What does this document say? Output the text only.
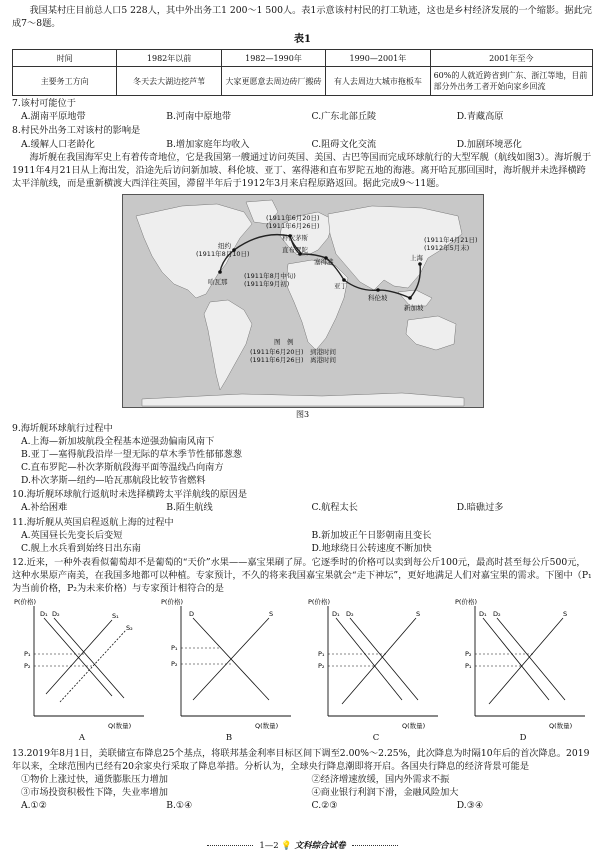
我国某村庄目前总人口5 228人，其中外出务工1 200～1 500人。表1示意该村村民的打工轨迹，这也是乡村经济发展的一个缩影。据此完成7～8题。

表1
时间	1982年以前	1982—1990年	1990—2001年	2001年至今
主要务工方向	冬天去大湖边挖芦苇	大家更愿意去周边砖厂搬砖	有人去周边大城市拖板车	60%的人就近跨省到广东、浙江等地，目前部分外出务工者开始向家乡回流

7.该村可能位于

A.湖南平原地带	B.河南中原地带	C.广东北部丘陵	D.青藏高原

8.村民外出务工对该村的影响是

A.缓解人口老龄化	B.增加家庭年均收入	C.阻碍文化交流	D.加剧环境恶化

海圻舰在我国海军史上有着传奇地位，它是我国第一艘通过访问英国、美国、古巴等国而完成环球航行的大型军舰（航线如图3）。海圻舰于1911年4月21日从上海出发，沿途先后访问新加坡、科伦坡、亚丁、塞得港和直布罗陀五地的海港。离开哈瓦那回国时，海圻舰并未选择横跨太平洋航线，而是重新横渡大西洋往英国，滞留半年后于1912年3月来启程原路返回。据此完成9～11题。

(1911年6月20日)
(1911年6月26日)
朴次茅斯
直布罗陀
塞得港
亚丁
科伦坡
新加坡
上海
(1911年4月21日)
(1912年5月末)
纽约
(1911年8月10日)
哈瓦那
(1911年8月中旬)
(1911年9月初)
图　例
(1911年6月20日)
(1911年6月26日)
到港时间
离港时间
图3

9.海圻舰环球航行过程中

A.上海—新加坡航段全程基本逆强劲偏南风南下

B.亚丁—塞得航段沿岸一望无际的草木季节性郁郁葱葱

C.直布罗陀—朴次茅斯航段海平面等温线凸向南方

D.朴次茅斯—纽约—哈瓦那航段比较节省燃料

10.海圻舰环球航行返航时未选择横跨太平洋航线的原因是

A.补给困难	B.陌生航线	C.航程太长	D.暗礁过多

11.海圻舰从英国启程返航上海的过程中

A.英国昼长先变长后变短	B.新加坡正午日影朝南且变长
C.舰上水兵看到始终日出东南	D.地球绕日公转速度不断加快

12.近来，一种外表看似葡萄却不是葡萄的“天价”水果——嘉宝果刷了屏。它逐季时的价格可以卖到每公斤100元，最高时甚至每公斤500元，这种水果原产南美，在我国多地都可以种植。专家预计，不久的将来我国嘉宝果就会“走下神坛”，更好地满足人们对嘉宝果的需求。下图中（P₁为当前价格，P₂为未来价格）与专家预计相符合的是

P(价格)
Q(数量)
P₁
P₂
D₁ D₂	S₁
S₂
A
P(价格)
Q(数量)
P₁
P₂
D	S
B
P(价格)
Q(数量)
P₁
P₂
D₁ D₂	S
C
P(价格)
Q(数量)
P₂
P₁
D₁ D₂	S
D

13.2019年8月1日，美联储宣布降息25个基点，将联邦基金利率目标区间下调至2.00%～2.25%，此次降息为时隔10年后的首次降息。2019年以来，全球范围内已经有20余家央行采取了降息举措。分析认为，全球央行降息潮即将开启。各国央行降息的经济背景可能是

①物价上涨过快，通货膨胀压力增加	②经济增速放缓，国内外需求不振
③市场投资积极性下降，失业率增加	④商业银行利润下滑，金融风险加大
A.①②	B.①④	C.②③	D.③④
1—2 💡 文科综合试卷
